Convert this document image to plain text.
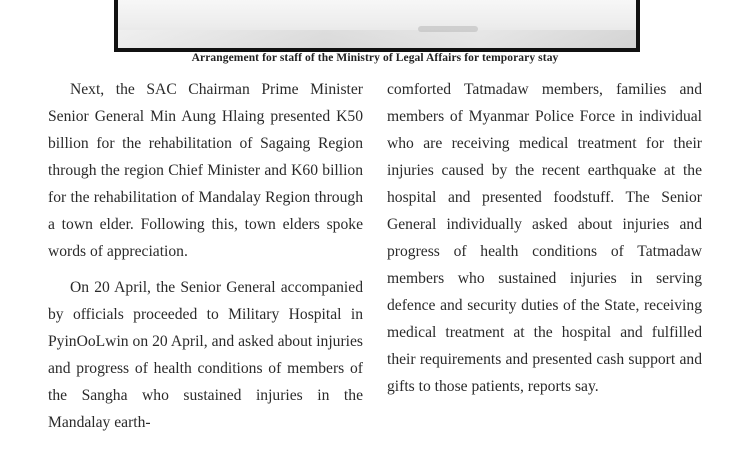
Arrangement for staff of the Ministry of Legal Affairs for temporary stay

Next, the SAC Chairman Prime Minister Senior General Min Aung Hlaing presented K50 billion for the rehabilitation of Sagaing Region through the region Chief Minister and K60 billion for the rehabilitation of Mandalay Region through a town elder. Following this, town elders spoke words of appreciation.

On 20 April, the Senior General accompanied by officials proceeded to Military Hospital in PyinOoLwin on 20 April, and asked about injuries and progress of health conditions of members of the Sangha who sustained injuries in the Mandalay earth-

comforted Tatmadaw members, families and members of Myanmar Police Force in individual who are receiving medical treatment for their injuries caused by the recent earthquake at the hospital and presented foodstuff. The Senior General individually asked about injuries and progress of health conditions of Tatmadaw members who sustained injuries in serving defence and security duties of the State, receiving medical treatment at the hospital and fulfilled their requirements and presented cash support and gifts to those patients, reports say.
